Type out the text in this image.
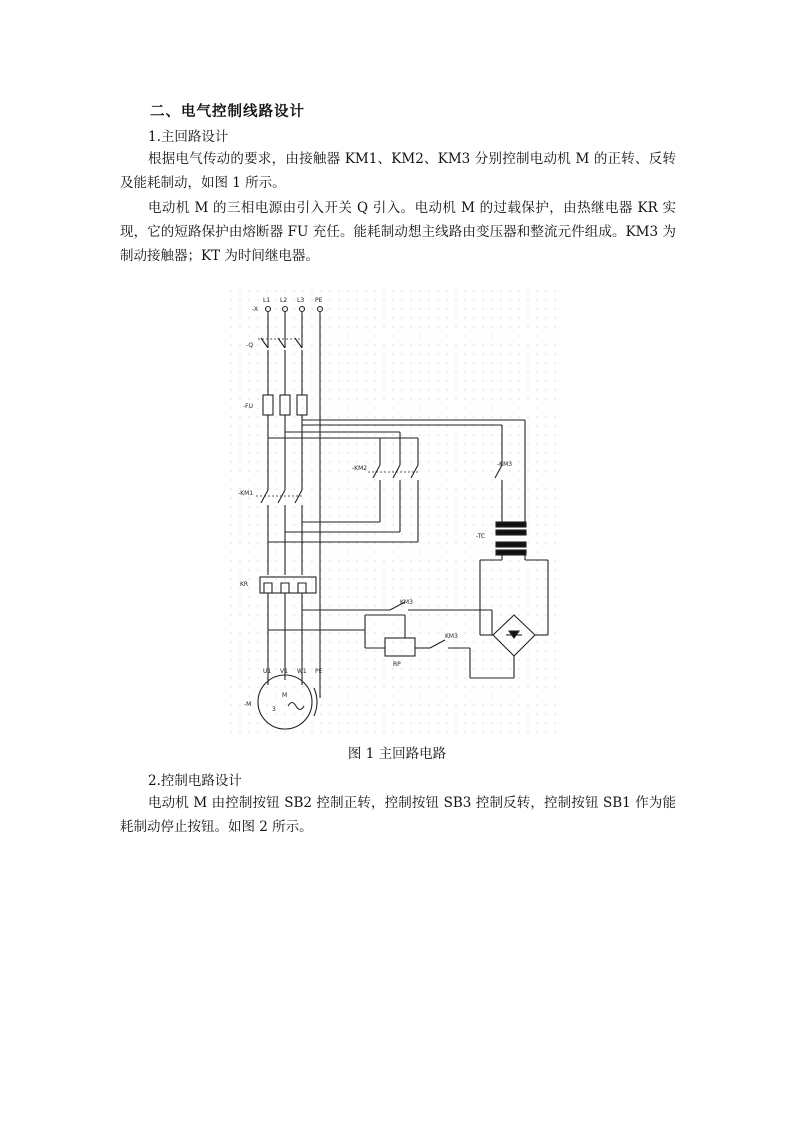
二、电气控制线路设计
1.主回路设计
根据电气传动的要求，由接触器 KM1、KM2、KM3 分别控制电动机 M 的正转、反转及能耗制动，如图 1 所示。
电动机 M 的三相电源由引入开关 Q 引入。电动机 M 的过载保护，由热继电器 KR 实现，它的短路保护由熔断器 FU 充任。能耗制动想主线路由变压器和整流元件组成。KM3 为制动接触器；KT 为时间继电器。
L1 L2 L3 PE
-X
-Q
-FU
-KM2
-KM3
-KM1
-TC
KR
KM3
KM3
RP
U1 V1 W1 PE
M
3
-M
图 1 主回路电路
2.控制电路设计
电动机 M 由控制按钮 SB2 控制正转，控制按钮 SB3 控制反转，控制按钮 SB1 作为能耗制动停止按钮。如图 2 所示。
